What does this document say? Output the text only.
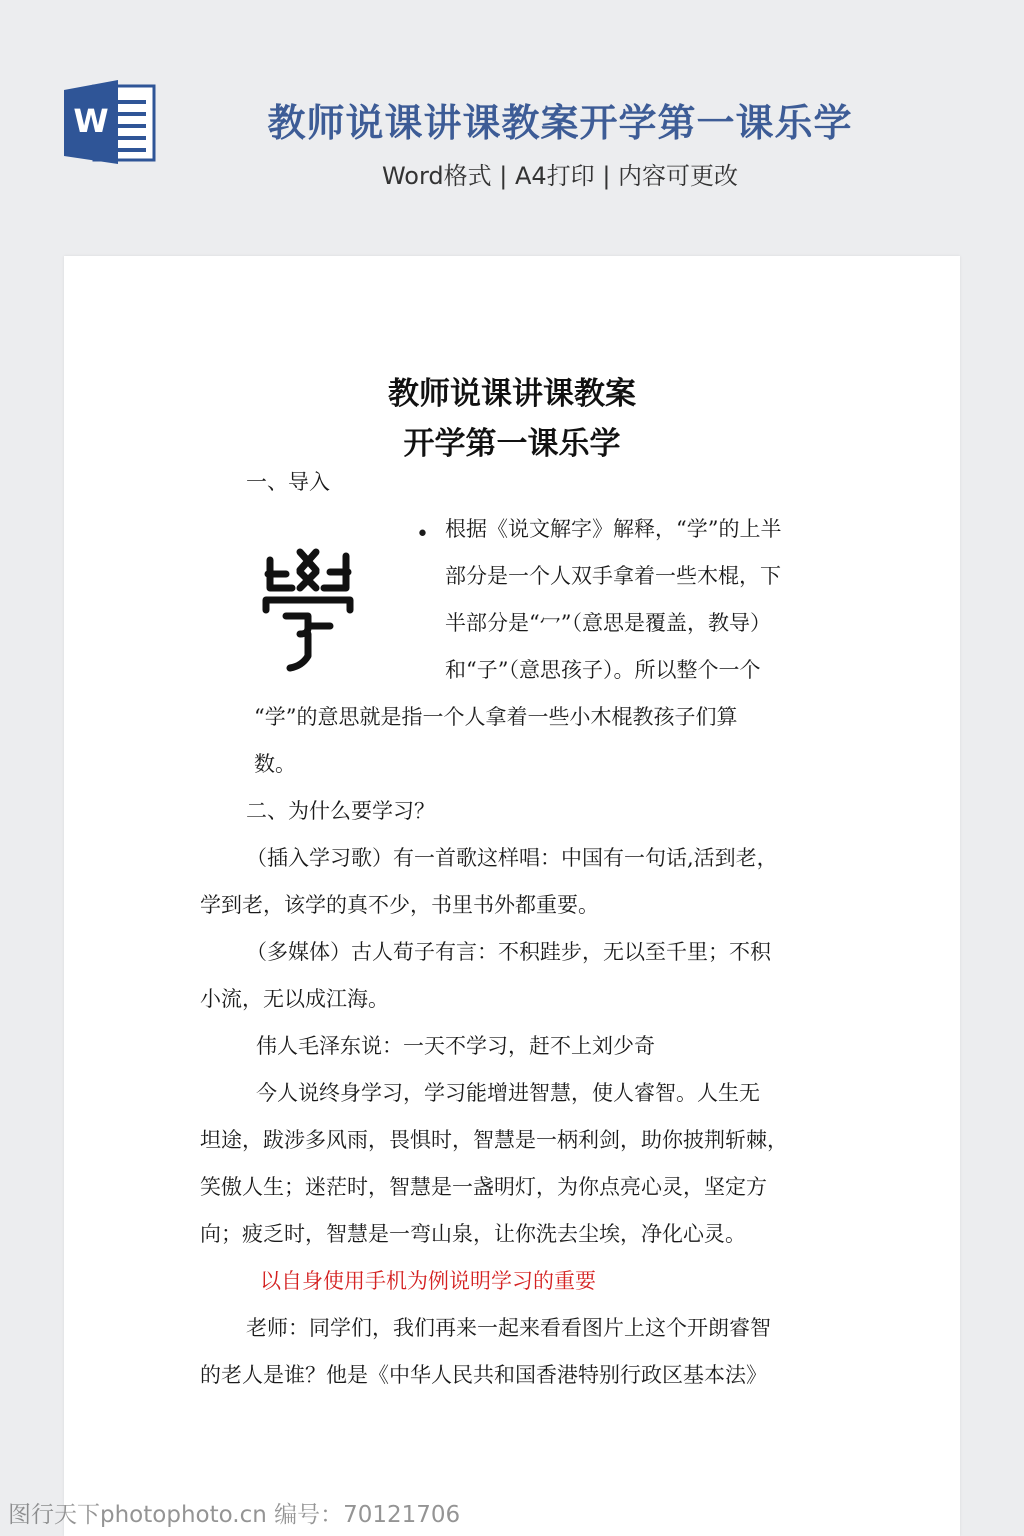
W	教师说课讲课教案开学第一课乐学
Word格式 | A4打印 | 内容可更改
教师说课讲课教案
开学第一课乐学
一、导入
• 根据《说文解字》解释，“学”的上半
部分是一个人双手拿着一些木棍，下
半部分是“冖”（意思是覆盖，教导）
和“子”（意思孩子）。所以整个一个
“学”的意思就是指一个人拿着一些小木棍教孩子们算
数。
二、为什么要学习？
（插入学习歌）有一首歌这样唱：中国有一句话,活到老，
学到老，该学的真不少，书里书外都重要。
（多媒体）古人荀子有言：不积跬步，无以至千里；不积
小流，无以成江海。
伟人毛泽东说：一天不学习，赶不上刘少奇
今人说终身学习，学习能增进智慧，使人睿智。人生无
坦途，跋涉多风雨，畏惧时，智慧是一柄利剑，助你披荆斩棘，
笑傲人生；迷茫时，智慧是一盏明灯，为你点亮心灵，坚定方
向；疲乏时，智慧是一弯山泉，让你洗去尘埃，净化心灵。
以自身使用手机为例说明学习的重要
老师：同学们，我们再来一起来看看图片上这个开朗睿智
的老人是谁？他是《中华人民共和国香港特别行政区基本法》
图行天下photophoto.cn 编号：70121706
